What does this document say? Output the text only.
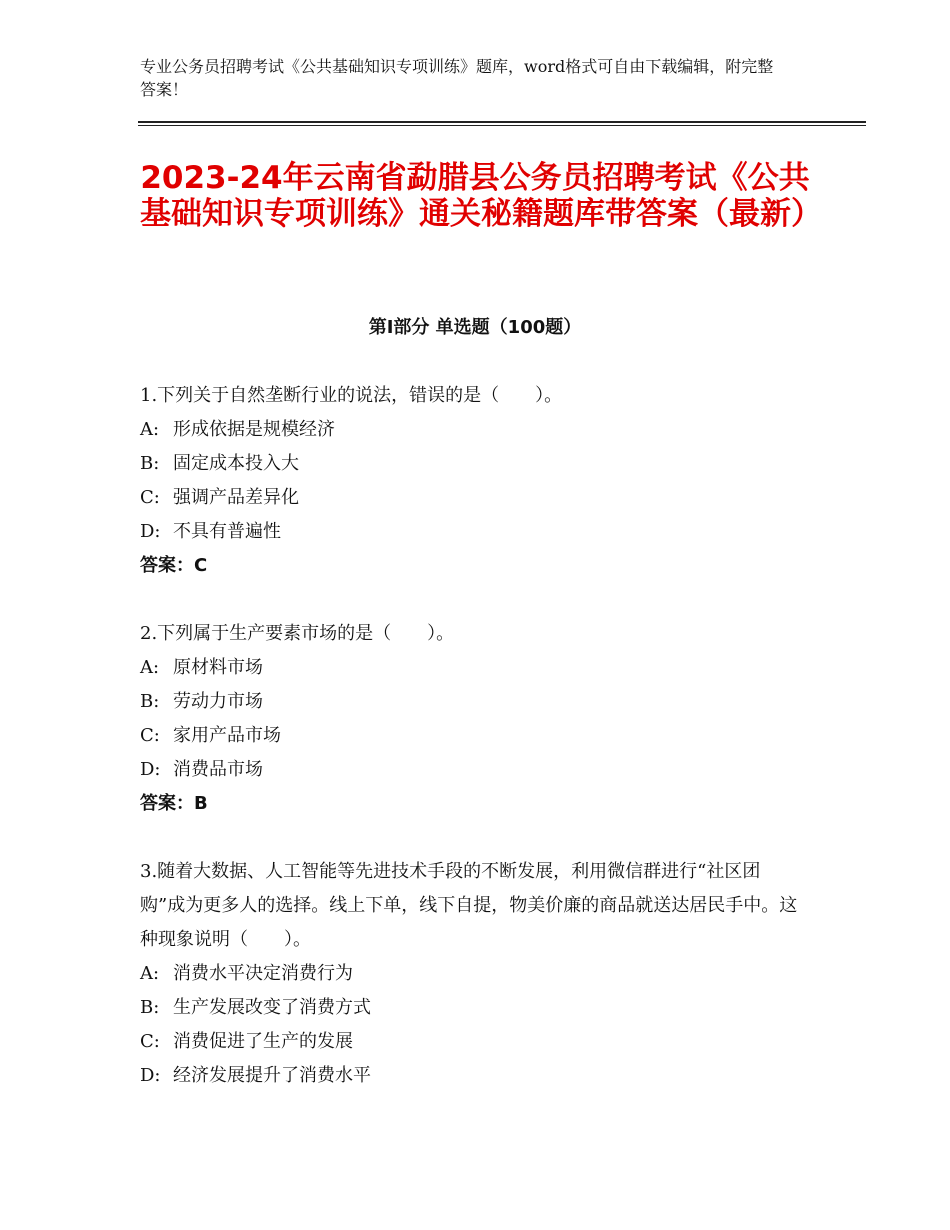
专业公务员招聘考试《公共基础知识专项训练》题库，word格式可自由下载编辑，附完整答案！
2023-24年云南省勐腊县公务员招聘考试《公共基础知识专项训练》通关秘籍题库带答案（最新）
第Ⅰ部分 单选题（100题）
1.下列关于自然垄断行业的说法，错误的是（　　）。
A: 形成依据是规模经济
B: 固定成本投入大
C: 强调产品差异化
D: 不具有普遍性
答案：C
2.下列属于生产要素市场的是（　　）。
A: 原材料市场
B: 劳动力市场
C: 家用产品市场
D: 消费品市场
答案：B
3.随着大数据、人工智能等先进技术手段的不断发展，利用微信群进行“社区团购”成为更多人的选择。线上下单，线下自提，物美价廉的商品就送达居民手中。这种现象说明（　　）。
A: 消费水平决定消费行为
B: 生产发展改变了消费方式
C: 消费促进了生产的发展
D: 经济发展提升了消费水平
